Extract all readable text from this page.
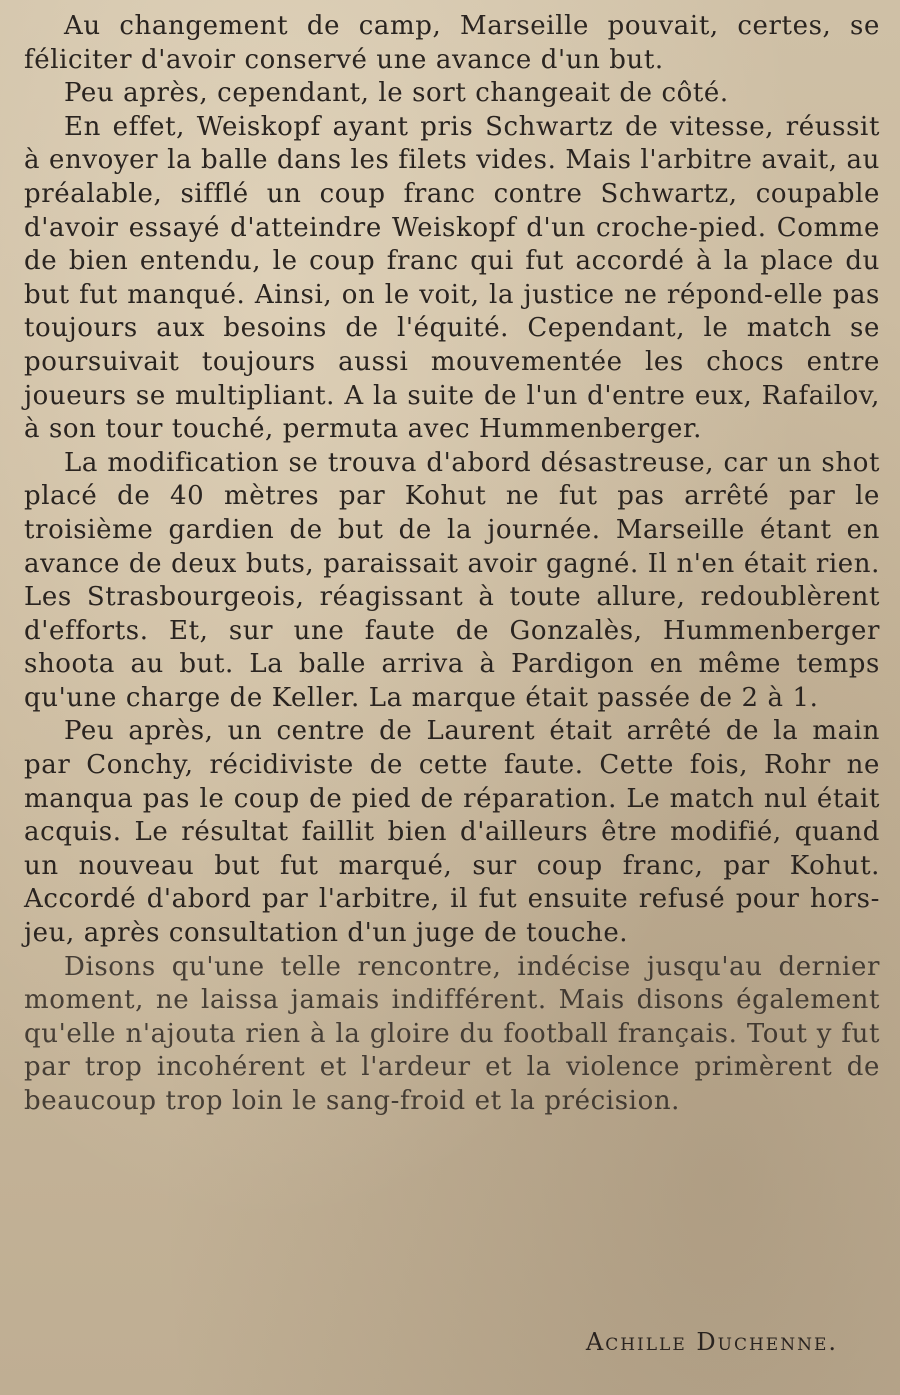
Au changement de camp, Marseille pouvait, certes, se féliciter d'avoir conservé une avance d'un but.

Peu après, cependant, le sort changeait de côté.

En effet, Weiskopf ayant pris Schwartz de vitesse, réussit à envoyer la balle dans les filets vides. Mais l'arbitre avait, au préalable, sifflé un coup franc contre Schwartz, coupable d'avoir essayé d'atteindre Weiskopf d'un croche-pied. Comme de bien entendu, le coup franc qui fut accordé à la place du but fut manqué. Ainsi, on le voit, la justice ne répond-elle pas toujours aux besoins de l'équité. Cependant, le match se poursuivait toujours aussi mouvementée les chocs entre joueurs se multipliant. A la suite de l'un d'entre eux, Rafailov, à son tour touché, permuta avec Hummenberger.

La modification se trouva d'abord désastreuse, car un shot placé de 40 mètres par Kohut ne fut pas arrêté par le troisième gardien de but de la journée. Marseille étant en avance de deux buts, paraissait avoir gagné. Il n'en était rien. Les Strasbourgeois, réagissant à toute allure, redoublèrent d'efforts. Et, sur une faute de Gonzalès, Hummenberger shoota au but. La balle arriva à Pardigon en même temps qu'une charge de Keller. La marque était passée de 2 à 1.

Peu après, un centre de Laurent était arrêté de la main par Conchy, récidiviste de cette faute. Cette fois, Rohr ne manqua pas le coup de pied de réparation. Le match nul était acquis. Le résultat faillit bien d'ailleurs être modifié, quand un nouveau but fut marqué, sur coup franc, par Kohut. Accordé d'abord par l'arbitre, il fut ensuite refusé pour hors-jeu, après consultation d'un juge de touche.

Disons qu'une telle rencontre, indécise jusqu'au dernier moment, ne laissa jamais indifférent. Mais disons également qu'elle n'ajouta rien à la gloire du football français. Tout y fut par trop incohérent et l'ardeur et la violence primèrent de beaucoup trop loin le sang-froid et la précision.

Achille Duchenne.
